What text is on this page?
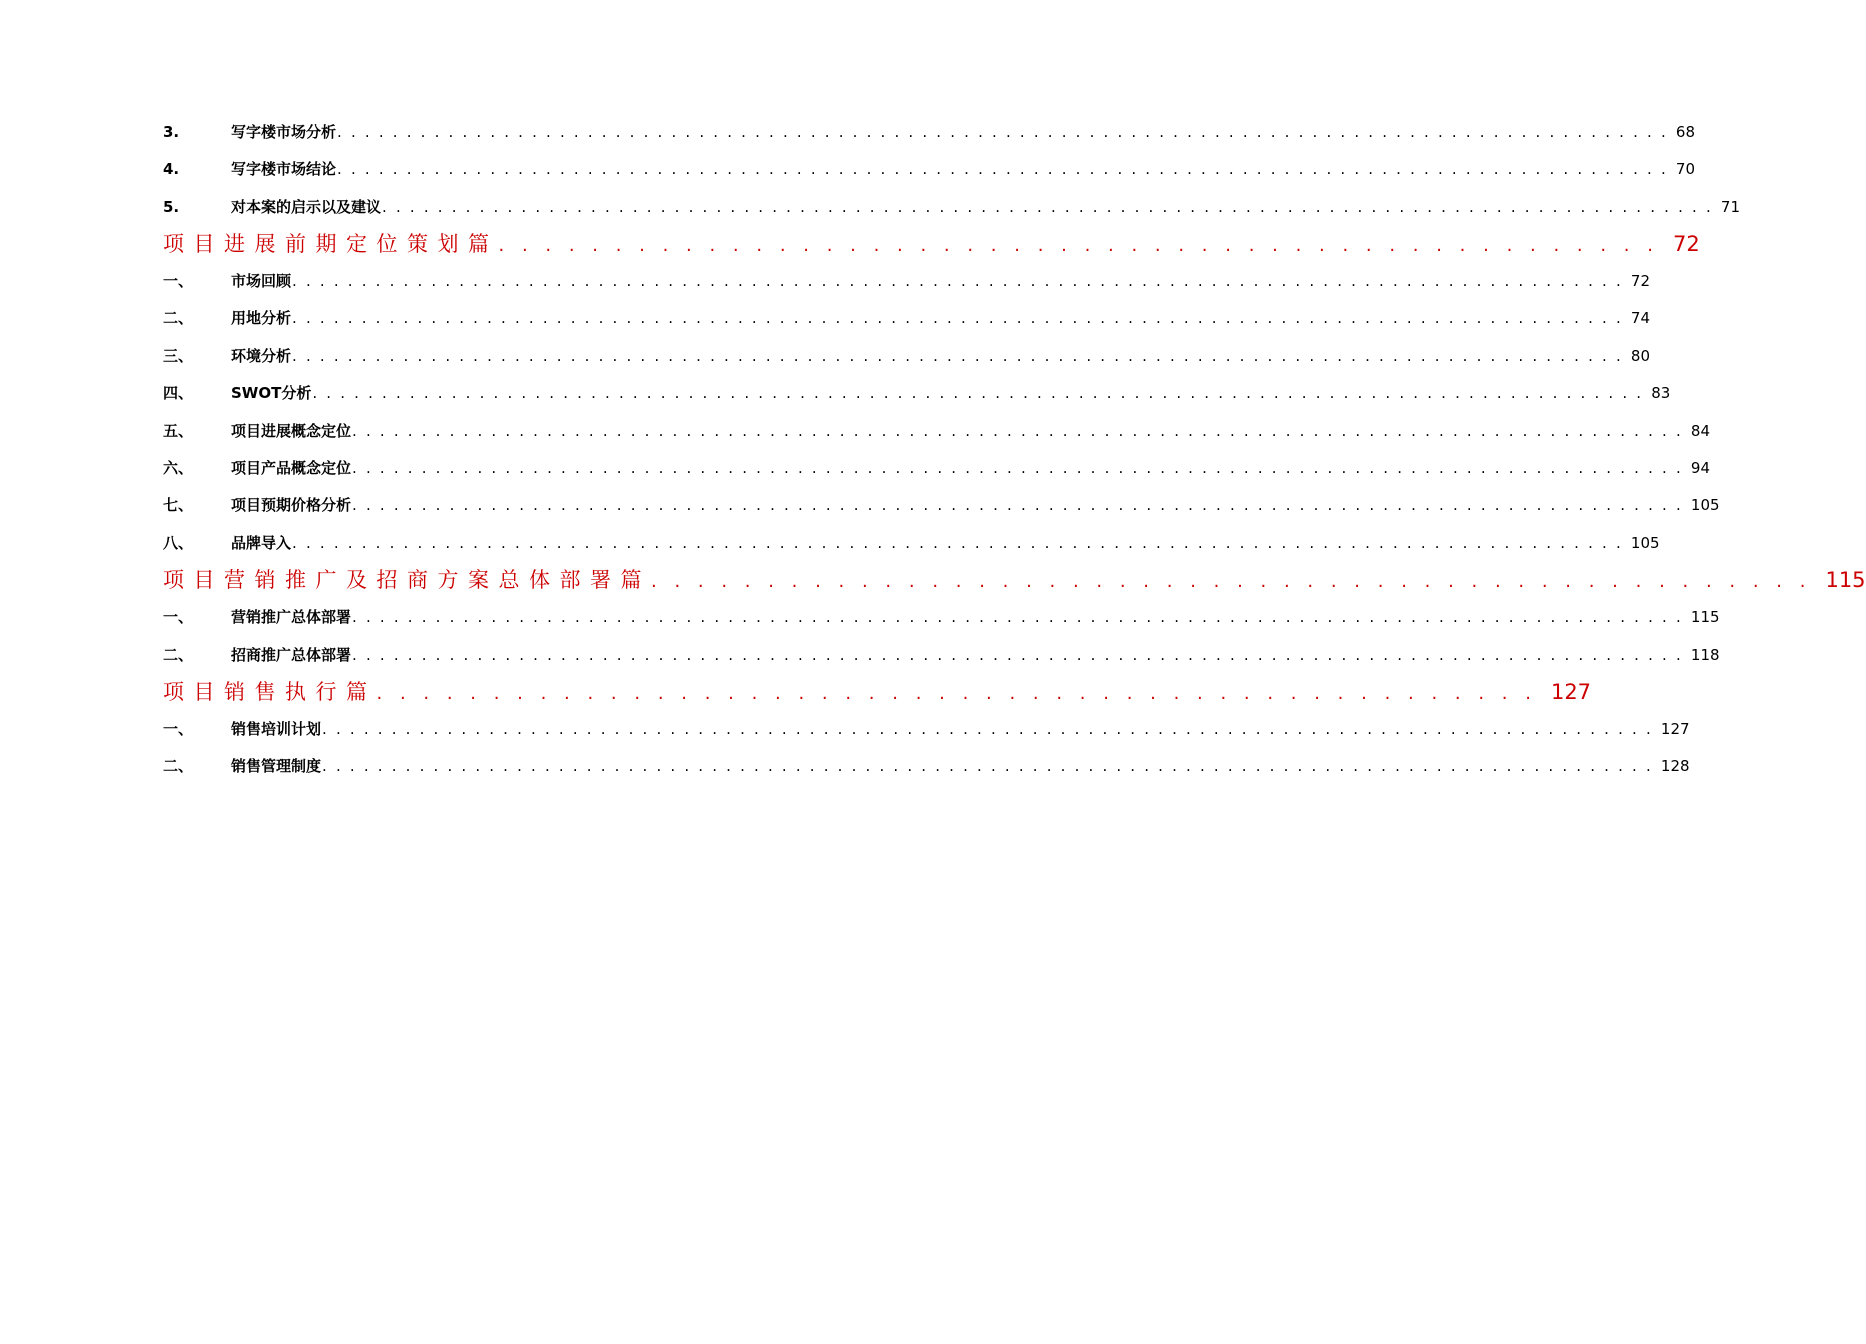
3.	写字楼市场分析 . . . . . . . . . . . . . . . . . . . . . . . . . . . . . . . . . . . . . . . . . . . . . . . . . . . . . . . . . . . . . . . . . . . . . . . . . . . . . . . . . . . . . . . . . . . . . . . . 68
4.	写字楼市场结论 . . . . . . . . . . . . . . . . . . . . . . . . . . . . . . . . . . . . . . . . . . . . . . . . . . . . . . . . . . . . . . . . . . . . . . . . . . . . . . . . . . . . . . . . . . . . . . . . 70
5.	对本案的启示以及建议 . . . . . . . . . . . . . . . . . . . . . . . . . . . . . . . . . . . . . . . . . . . . . . . . . . . . . . . . . . . . . . . . . . . . . . . . . . . . . . . . . . . . . . . . . . . . . . . . 71
项目进展前期定位策划篇 . . . . . . . . . . . . . . . . . . . . . . . . . . . . . . . . . . . . . . . . . . . . . . . . . . 72
一、	市场回顾 . . . . . . . . . . . . . . . . . . . . . . . . . . . . . . . . . . . . . . . . . . . . . . . . . . . . . . . . . . . . . . . . . . . . . . . . . . . . . . . . . . . . . . . . . . . . . . . . 72
二、	用地分析 . . . . . . . . . . . . . . . . . . . . . . . . . . . . . . . . . . . . . . . . . . . . . . . . . . . . . . . . . . . . . . . . . . . . . . . . . . . . . . . . . . . . . . . . . . . . . . . . 74
三、	环境分析 . . . . . . . . . . . . . . . . . . . . . . . . . . . . . . . . . . . . . . . . . . . . . . . . . . . . . . . . . . . . . . . . . . . . . . . . . . . . . . . . . . . . . . . . . . . . . . . . 80
四、	SWOT分析 . . . . . . . . . . . . . . . . . . . . . . . . . . . . . . . . . . . . . . . . . . . . . . . . . . . . . . . . . . . . . . . . . . . . . . . . . . . . . . . . . . . . . . . . . . . . . . . . 83
五、	项目进展概念定位 . . . . . . . . . . . . . . . . . . . . . . . . . . . . . . . . . . . . . . . . . . . . . . . . . . . . . . . . . . . . . . . . . . . . . . . . . . . . . . . . . . . . . . . . . . . . . . . . 84
六、	项目产品概念定位 . . . . . . . . . . . . . . . . . . . . . . . . . . . . . . . . . . . . . . . . . . . . . . . . . . . . . . . . . . . . . . . . . . . . . . . . . . . . . . . . . . . . . . . . . . . . . . . . 94
七、	项目预期价格分析 . . . . . . . . . . . . . . . . . . . . . . . . . . . . . . . . . . . . . . . . . . . . . . . . . . . . . . . . . . . . . . . . . . . . . . . . . . . . . . . . . . . . . . . . . . . . . . . . 105
八、	品牌导入 . . . . . . . . . . . . . . . . . . . . . . . . . . . . . . . . . . . . . . . . . . . . . . . . . . . . . . . . . . . . . . . . . . . . . . . . . . . . . . . . . . . . . . . . . . . . . . . . 105
项目营销推广及招商方案总体部署篇 . . . . . . . . . . . . . . . . . . . . . . . . . . . . . . . . . . . . . . . . . . . . . . . . . . 115
一、	营销推广总体部署 . . . . . . . . . . . . . . . . . . . . . . . . . . . . . . . . . . . . . . . . . . . . . . . . . . . . . . . . . . . . . . . . . . . . . . . . . . . . . . . . . . . . . . . . . . . . . . . . 115
二、	招商推广总体部署 . . . . . . . . . . . . . . . . . . . . . . . . . . . . . . . . . . . . . . . . . . . . . . . . . . . . . . . . . . . . . . . . . . . . . . . . . . . . . . . . . . . . . . . . . . . . . . . . 118
项目销售执行篇 . . . . . . . . . . . . . . . . . . . . . . . . . . . . . . . . . . . . . . . . . . . . . . . . . . 127
一、	销售培训计划 . . . . . . . . . . . . . . . . . . . . . . . . . . . . . . . . . . . . . . . . . . . . . . . . . . . . . . . . . . . . . . . . . . . . . . . . . . . . . . . . . . . . . . . . . . . . . . . . 127
二、	销售管理制度 . . . . . . . . . . . . . . . . . . . . . . . . . . . . . . . . . . . . . . . . . . . . . . . . . . . . . . . . . . . . . . . . . . . . . . . . . . . . . . . . . . . . . . . . . . . . . . . . 128
